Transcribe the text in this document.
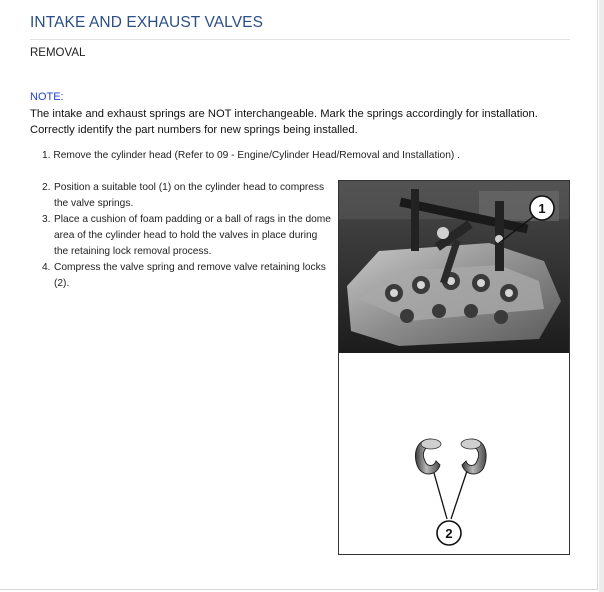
INTAKE AND EXHAUST VALVES
REMOVAL
NOTE:
The intake and exhaust springs are NOT interchangeable. Mark the springs accordingly for installation. Correctly identify the part numbers for new springs being installed.
1. Remove the cylinder head (Refer to 09 - Engine/Cylinder Head/Removal and Installation) .
2. Position a suitable tool (1) on the cylinder head to compress the valve springs.
3. Place a cushion of foam padding or a ball of rags in the dome area of the cylinder head to hold the valves in place during the retaining lock removal process.
4. Compress the valve spring and remove valve retaining locks (2).
1
2
